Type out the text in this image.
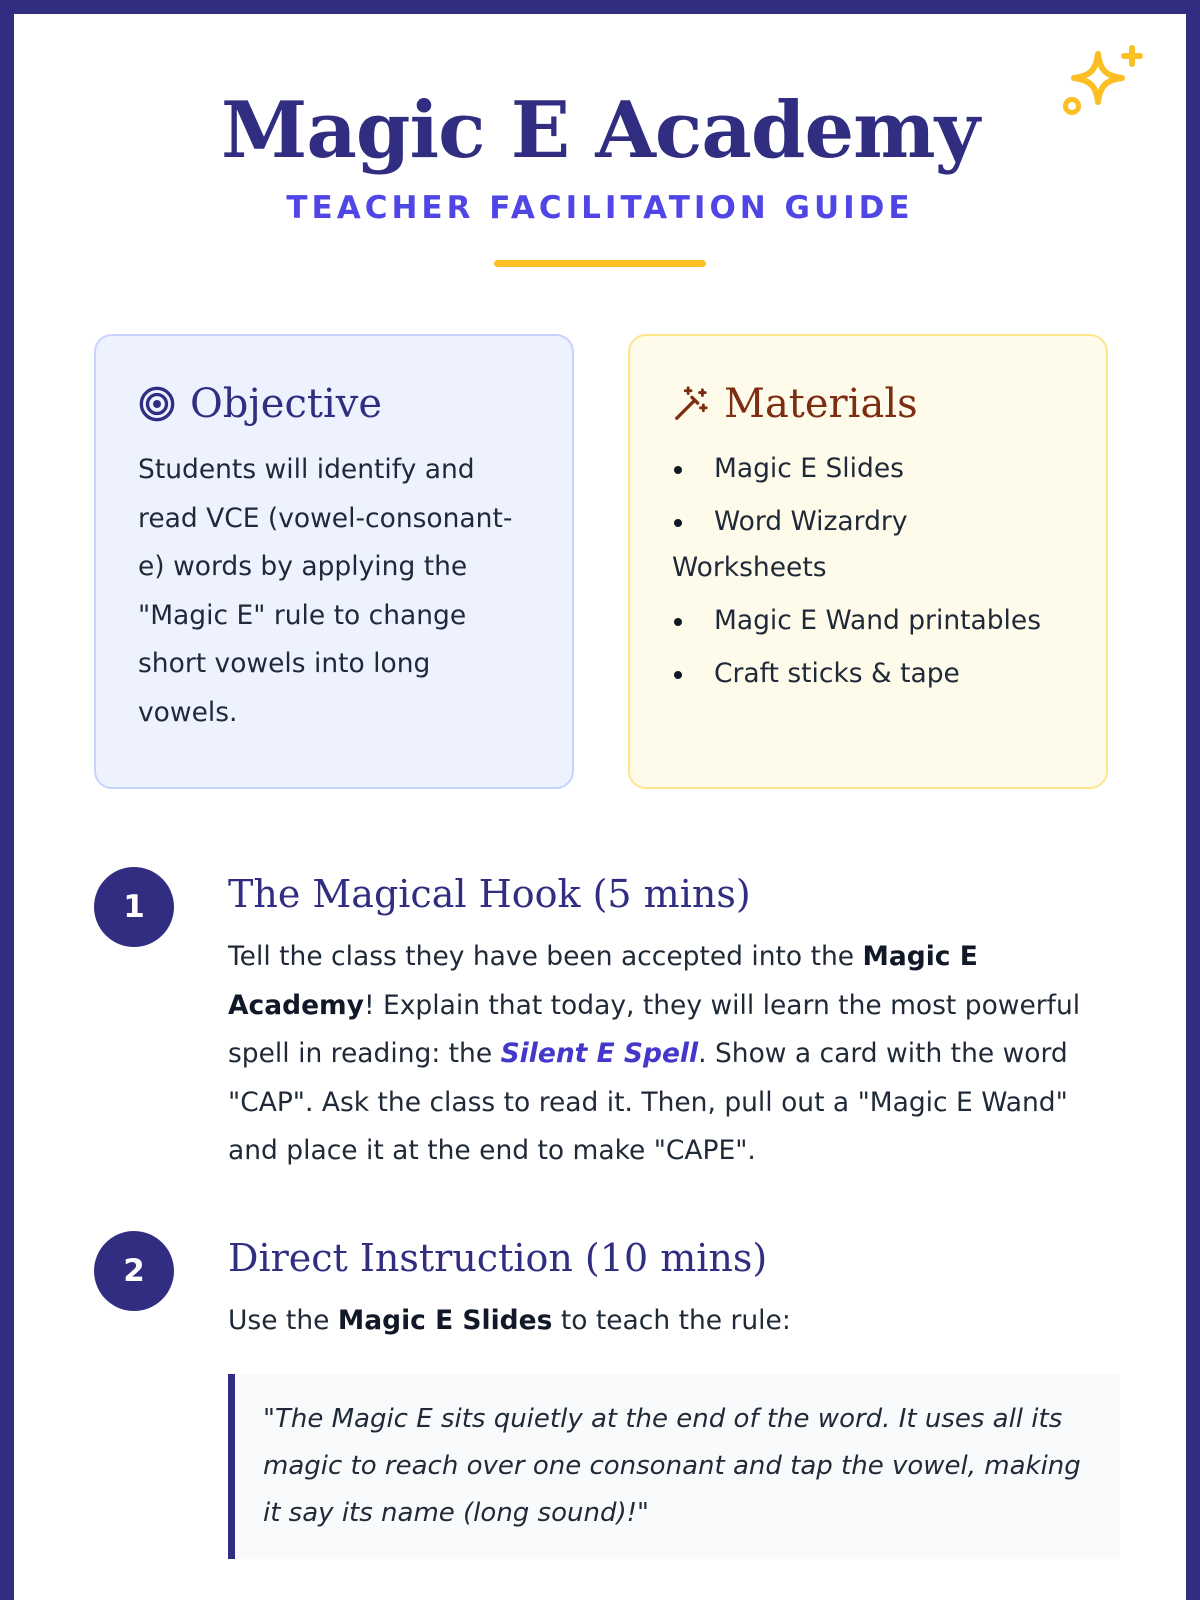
Magic E Academy
TEACHER FACILITATION GUIDE
Objective
Students will identify and read VCE (vowel-consonant-e) words by applying the "Magic E" rule to change short vowels into long vowels.
Materials
Magic E Slides
Word Wizardry Worksheets
Magic E Wand printables
Craft sticks & tape
1	The Magical Hook (5 mins)
Tell the class they have been accepted into the Magic E Academy! Explain that today, they will learn the most powerful spell in reading: the Silent E Spell. Show a card with the word "CAP". Ask the class to read it. Then, pull out a "Magic E Wand" and place it at the end to make "CAPE".
2	Direct Instruction (10 mins)
Use the Magic E Slides to teach the rule:
"The Magic E sits quietly at the end of the word. It uses all its magic to reach over one consonant and tap the vowel, making it say its name (long sound)!"
